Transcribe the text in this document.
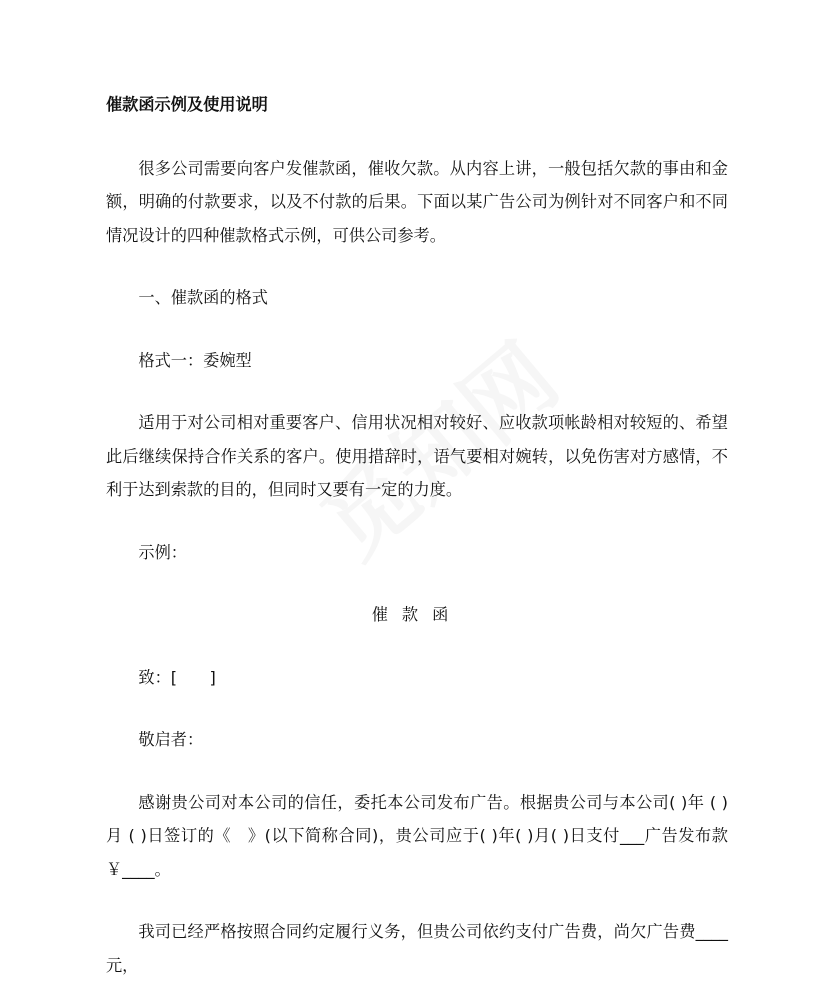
催款函示例及使用说明

很多公司需要向客户发催款函，催收欠款。从内容上讲，一般包括欠款的事由和金额，明确的付款要求，以及不付款的后果。下面以某广告公司为例针对不同客户和不同情况设计的四种催款格式示例，可供公司参考。

一、催款函的格式

格式一：委婉型

适用于对公司相对重要客户、信用状况相对较好、应收款项帐龄相对较短的、希望此后继续保持合作关系的客户。使用措辞时，语气要相对婉转，以免伤害对方感情，不利于达到索款的目的，但同时又要有一定的力度。

示例：

催款函

致：[　　]

敬启者：

感谢贵公司对本公司的信任，委托本公司发布广告。根据贵公司与本公司( )年 ( )月 ( )日签订的《　》(以下简称合同)，贵公司应于( )年( )月( )日支付___广告发布款￥____。

我司已经严格按照合同约定履行义务，但贵公司依约支付广告费，尚欠广告费____元，
